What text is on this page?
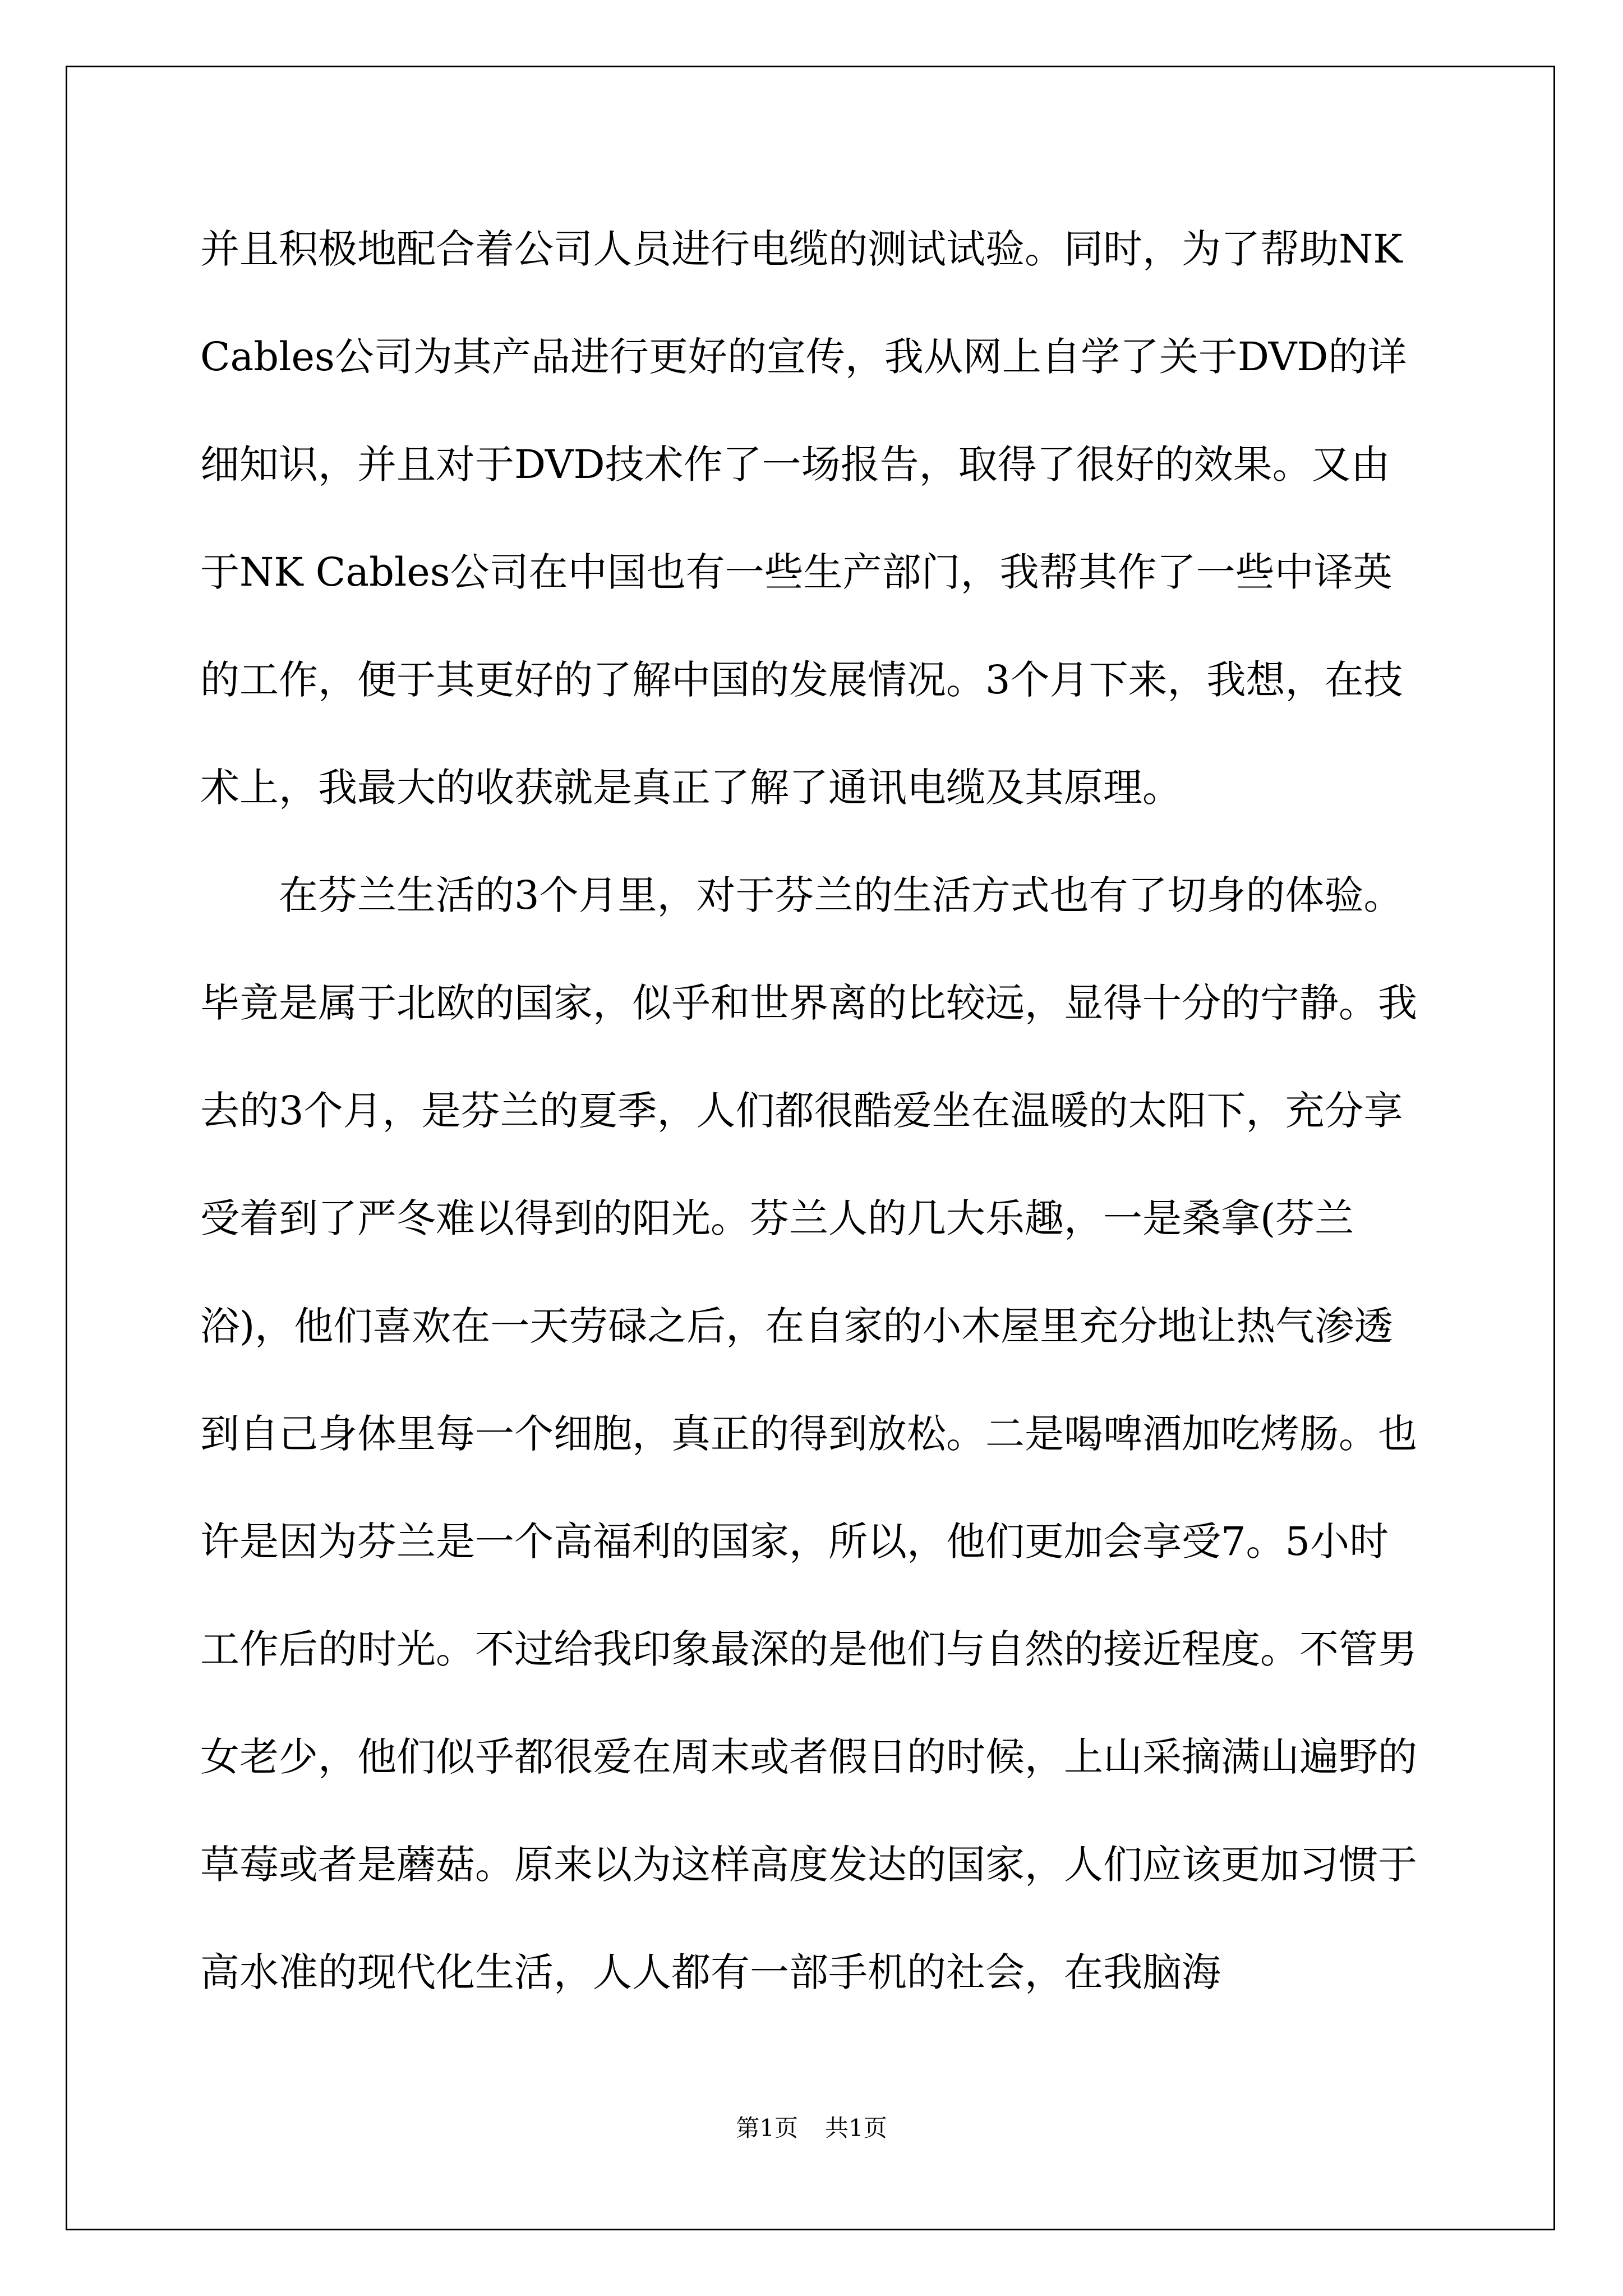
并且积极地配合着公司人员进行电缆的测试试验。同时，为了帮助NK Cables公司为其产品进行更好的宣传，我从网上自学了关于DVD的详细知识，并且对于DVD技术作了一场报告，取得了很好的效果。又由于NK Cables公司在中国也有一些生产部门，我帮其作了一些中译英的工作，便于其更好的了解中国的发展情况。3个月下来，我想，在技术上，我最大的收获就是真正了解了通讯电缆及其原理。

在芬兰生活的3个月里，对于芬兰的生活方式也有了切身的体验。毕竟是属于北欧的国家，似乎和世界离的比较远，显得十分的宁静。我去的3个月，是芬兰的夏季，人们都很酷爱坐在温暖的太阳下，充分享受着到了严冬难以得到的阳光。芬兰人的几大乐趣，一是桑拿(芬兰浴)，他们喜欢在一天劳碌之后，在自家的小木屋里充分地让热气渗透到自己身体里每一个细胞，真正的得到放松。二是喝啤酒加吃烤肠。也许是因为芬兰是一个高福利的国家，所以，他们更加会享受7。5小时工作后的时光。不过给我印象最深的是他们与自然的接近程度。不管男女老少，他们似乎都很爱在周末或者假日的时候，上山采摘满山遍野的草莓或者是蘑菇。原来以为这样高度发达的国家，人们应该更加习惯于高水准的现代化生活，人人都有一部手机的社会，在我脑海

第1页 共1页
